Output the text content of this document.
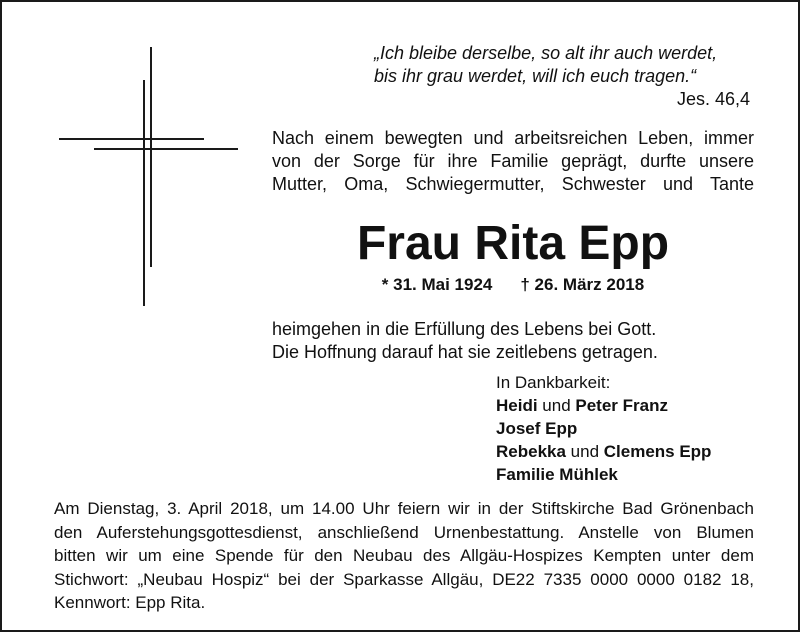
„Ich bleibe derselbe, so alt ihr auch werdet,
bis ihr grau werdet, will ich euch tragen.“
Jes. 46,4
Nach einem bewegten und arbeitsreichen Leben, immer
von der Sorge für ihre Familie geprägt, durfte unsere
Mutter, Oma, Schwiegermutter, Schwester und Tante
Frau Rita Epp
* 31. Mai 1924 † 26. März 2018
heimgehen in die Erfüllung des Lebens bei Gott.
Die Hoffnung darauf hat sie zeitlebens getragen.
In Dankbarkeit:
Heidi und Peter Franz
Josef Epp
Rebekka und Clemens Epp
Familie Mühlek
Am Dienstag, 3. April 2018, um 14.00 Uhr feiern wir in der Stiftskirche Bad Grönenbach
den Auferstehungsgottesdienst, anschließend Urnenbestattung. Anstelle von Blumen
bitten wir um eine Spende für den Neubau des Allgäu-Hospizes Kempten unter dem
Stichwort: „Neubau Hospiz“ bei der Sparkasse Allgäu, DE22 7335 0000 0000 0182 18,
Kennwort: Epp Rita.
